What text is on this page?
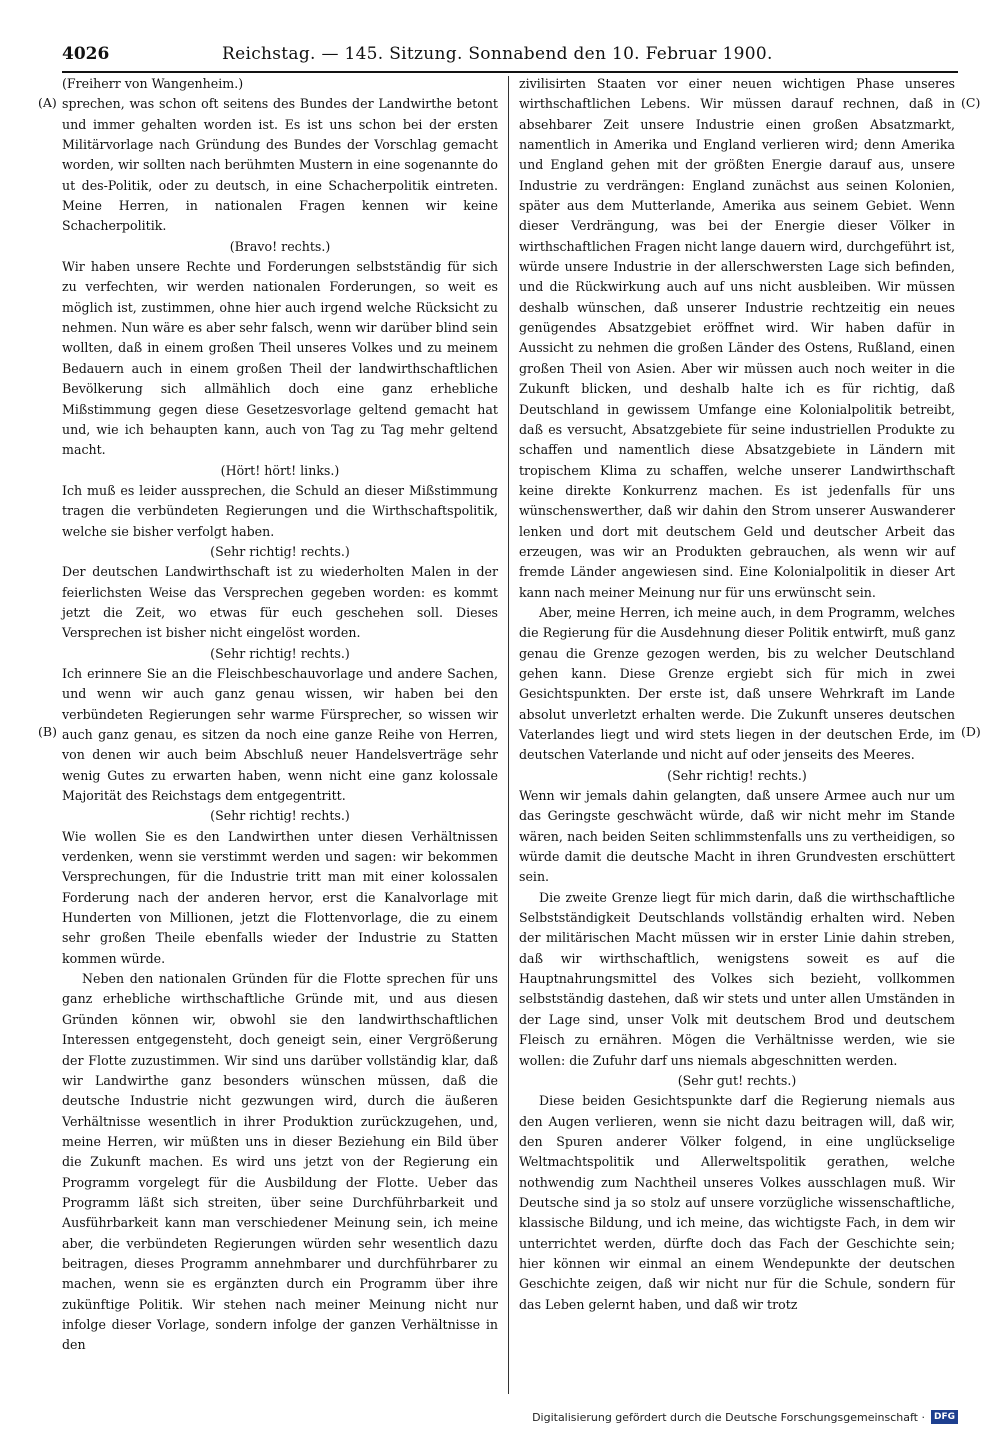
4026	Reichstag. — 145. Sitzung. Sonnabend den 10. Februar 1900.
(A)
(B)
(C)
(D)

(Freiherr von Wangenheim.)

sprechen, was schon oft seitens des Bundes der Landwirthe betont und immer gehalten worden ist. Es ist uns schon bei der ersten Militärvorlage nach Gründung des Bundes der Vorschlag gemacht worden, wir sollten nach berühmten Mustern in eine sogenannte do ut des-Politik, oder zu deutsch, in eine Schacherpolitik eintreten. Meine Herren, in nationalen Fragen kennen wir keine Schacherpolitik.

(Bravo! rechts.)

Wir haben unsere Rechte und Forderungen selbstständig für sich zu verfechten, wir werden nationalen Forderungen, so weit es möglich ist, zustimmen, ohne hier auch irgend welche Rücksicht zu nehmen. Nun wäre es aber sehr falsch, wenn wir darüber blind sein wollten, daß in einem großen Theil unseres Volkes und zu meinem Bedauern auch in einem großen Theil der landwirthschaftlichen Bevölkerung sich allmählich doch eine ganz erhebliche Mißstimmung gegen diese Gesetzesvorlage geltend gemacht hat und, wie ich behaupten kann, auch von Tag zu Tag mehr geltend macht.

(Hört! hört! links.)

Ich muß es leider aussprechen, die Schuld an dieser Mißstimmung tragen die verbündeten Regierungen und die Wirthschaftspolitik, welche sie bisher verfolgt haben.

(Sehr richtig! rechts.)

Der deutschen Landwirthschaft ist zu wiederholten Malen in der feierlichsten Weise das Versprechen gegeben worden: es kommt jetzt die Zeit, wo etwas für euch geschehen soll. Dieses Versprechen ist bisher nicht eingelöst worden.

(Sehr richtig! rechts.)

Ich erinnere Sie an die Fleischbeschauvorlage und andere Sachen, und wenn wir auch ganz genau wissen, wir haben bei den verbündeten Regierungen sehr warme Fürsprecher, so wissen wir auch ganz genau, es sitzen da noch eine ganze Reihe von Herren, von denen wir auch beim Abschluß neuer Handelsverträge sehr wenig Gutes zu erwarten haben, wenn nicht eine ganz kolossale Majorität des Reichstags dem entgegentritt.

(Sehr richtig! rechts.)

Wie wollen Sie es den Landwirthen unter diesen Verhältnissen verdenken, wenn sie verstimmt werden und sagen: wir bekommen Versprechungen, für die Industrie tritt man mit einer kolossalen Forderung nach der anderen hervor, erst die Kanalvorlage mit Hunderten von Millionen, jetzt die Flottenvorlage, die zu einem sehr großen Theile ebenfalls wieder der Industrie zu Statten kommen würde.

Neben den nationalen Gründen für die Flotte sprechen für uns ganz erhebliche wirthschaftliche Gründe mit, und aus diesen Gründen können wir, obwohl sie den landwirthschaftlichen Interessen entgegensteht, doch geneigt sein, einer Vergrößerung der Flotte zuzustimmen. Wir sind uns darüber vollständig klar, daß wir Landwirthe ganz besonders wünschen müssen, daß die deutsche Industrie nicht gezwungen wird, durch die äußeren Verhältnisse wesentlich in ihrer Produktion zurückzugehen, und, meine Herren, wir müßten uns in dieser Beziehung ein Bild über die Zukunft machen. Es wird uns jetzt von der Regierung ein Programm vorgelegt für die Ausbildung der Flotte. Ueber das Programm läßt sich streiten, über seine Durchführbarkeit und Ausführbarkeit kann man verschiedener Meinung sein, ich meine aber, die verbündeten Regierungen würden sehr wesentlich dazu beitragen, dieses Programm annehmbarer und durchführbarer zu machen, wenn sie es ergänzten durch ein Programm über ihre zukünftige Politik. Wir stehen nach meiner Meinung nicht nur infolge dieser Vorlage, sondern infolge der ganzen Verhältnisse in den

zivilisirten Staaten vor einer neuen wichtigen Phase unseres wirthschaftlichen Lebens. Wir müssen darauf rechnen, daß in absehbarer Zeit unsere Industrie einen großen Absatzmarkt, namentlich in Amerika und England verlieren wird; denn Amerika und England gehen mit der größten Energie darauf aus, unsere Industrie zu verdrängen: England zunächst aus seinen Kolonien, später aus dem Mutterlande, Amerika aus seinem Gebiet. Wenn dieser Verdrängung, was bei der Energie dieser Völker in wirthschaftlichen Fragen nicht lange dauern wird, durchgeführt ist, würde unsere Industrie in der allerschwersten Lage sich befinden, und die Rückwirkung auch auf uns nicht ausbleiben. Wir müssen deshalb wünschen, daß unserer Industrie rechtzeitig ein neues genügendes Absatzgebiet eröffnet wird. Wir haben dafür in Aussicht zu nehmen die großen Länder des Ostens, Rußland, einen großen Theil von Asien. Aber wir müssen auch noch weiter in die Zukunft blicken, und deshalb halte ich es für richtig, daß Deutschland in gewissem Umfange eine Kolonialpolitik betreibt, daß es versucht, Absatzgebiete für seine industriellen Produkte zu schaffen und namentlich diese Absatzgebiete in Ländern mit tropischem Klima zu schaffen, welche unserer Landwirthschaft keine direkte Konkurrenz machen. Es ist jedenfalls für uns wünschenswerther, daß wir dahin den Strom unserer Auswanderer lenken und dort mit deutschem Geld und deutscher Arbeit das erzeugen, was wir an Produkten gebrauchen, als wenn wir auf fremde Länder angewiesen sind. Eine Kolonialpolitik in dieser Art kann nach meiner Meinung nur für uns erwünscht sein.

Aber, meine Herren, ich meine auch, in dem Programm, welches die Regierung für die Ausdehnung dieser Politik entwirft, muß ganz genau die Grenze gezogen werden, bis zu welcher Deutschland gehen kann. Diese Grenze ergiebt sich für mich in zwei Gesichtspunkten. Der erste ist, daß unsere Wehrkraft im Lande absolut unverletzt erhalten werde. Die Zukunft unseres deutschen Vaterlandes liegt und wird stets liegen in der deutschen Erde, im deutschen Vaterlande und nicht auf oder jenseits des Meeres.

(Sehr richtig! rechts.)

Wenn wir jemals dahin gelangten, daß unsere Armee auch nur um das Geringste geschwächt würde, daß wir nicht mehr im Stande wären, nach beiden Seiten schlimmstenfalls uns zu vertheidigen, so würde damit die deutsche Macht in ihren Grundvesten erschüttert sein.

Die zweite Grenze liegt für mich darin, daß die wirthschaftliche Selbstständigkeit Deutschlands vollständig erhalten wird. Neben der militärischen Macht müssen wir in erster Linie dahin streben, daß wir wirthschaftlich, wenigstens soweit es auf die Hauptnahrungsmittel des Volkes sich bezieht, vollkommen selbstständig dastehen, daß wir stets und unter allen Umständen in der Lage sind, unser Volk mit deutschem Brod und deutschem Fleisch zu ernähren. Mögen die Verhältnisse werden, wie sie wollen: die Zufuhr darf uns niemals abgeschnitten werden.

(Sehr gut! rechts.)

Diese beiden Gesichtspunkte darf die Regierung niemals aus den Augen verlieren, wenn sie nicht dazu beitragen will, daß wir, den Spuren anderer Völker folgend, in eine unglückselige Weltmachtspolitik und Allerweltspolitik gerathen, welche nothwendig zum Nachtheil unseres Volkes ausschlagen muß. Wir Deutsche sind ja so stolz auf unsere vorzügliche wissenschaftliche, klassische Bildung, und ich meine, das wichtigste Fach, in dem wir unterrichtet werden, dürfte doch das Fach der Geschichte sein; hier können wir einmal an einem Wendepunkte der deutschen Geschichte zeigen, daß wir nicht nur für die Schule, sondern für das Leben gelernt haben, und daß wir trotz

Digitalisierung gefördert durch die Deutsche Forschungsgemeinschaft ·	DFG
